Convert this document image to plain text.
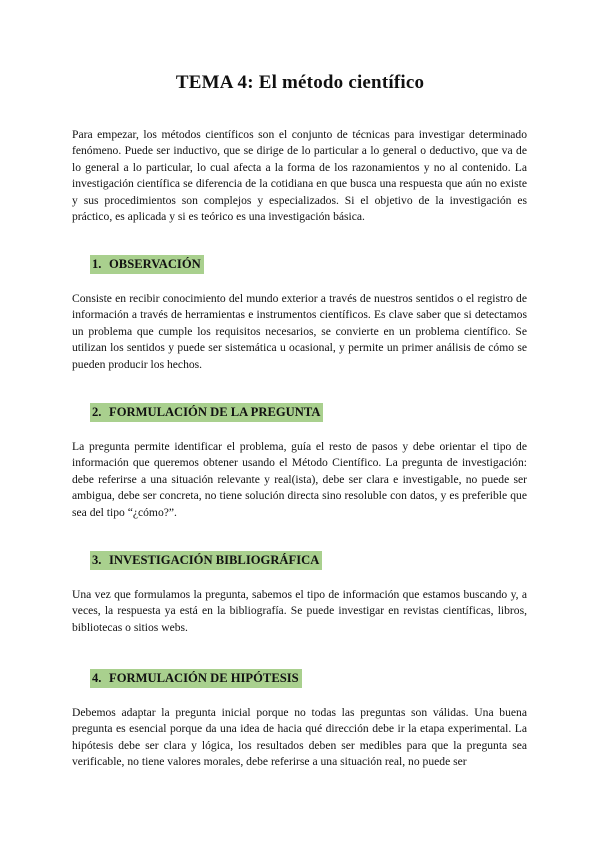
TEMA 4: El método científico

Para empezar, los métodos científicos son el conjunto de técnicas para investigar determinado fenómeno. Puede ser inductivo, que se dirige de lo particular a lo general o deductivo, que va de lo general a lo particular, lo cual afecta a la forma de los razonamientos y no al contenido. La investigación científica se diferencia de la cotidiana en que busca una respuesta que aún no existe y sus procedimientos son complejos y especializados. Si el objetivo de la investigación es práctico, es aplicada y si es teórico es una investigación básica.

1. OBSERVACIÓN

Consiste en recibir conocimiento del mundo exterior a través de nuestros sentidos o el registro de información a través de herramientas e instrumentos científicos. Es clave saber que si detectamos un problema que cumple los requisitos necesarios, se convierte en un problema científico. Se utilizan los sentidos y puede ser sistemática u ocasional, y permite un primer análisis de cómo se pueden producir los hechos.

2. FORMULACIÓN DE LA PREGUNTA

La pregunta permite identificar el problema, guía el resto de pasos y debe orientar el tipo de información que queremos obtener usando el Método Científico. La pregunta de investigación: debe referirse a una situación relevante y real(ista), debe ser clara e investigable, no puede ser ambigua, debe ser concreta, no tiene solución directa sino resoluble con datos, y es preferible que sea del tipo “¿cómo?”.

3. INVESTIGACIÓN BIBLIOGRÁFICA

Una vez que formulamos la pregunta, sabemos el tipo de información que estamos buscando y, a veces, la respuesta ya está en la bibliografía. Se puede investigar en revistas científicas, libros, bibliotecas o sitios webs.

4. FORMULACIÓN DE HIPÓTESIS

Debemos adaptar la pregunta inicial porque no todas las preguntas son válidas. Una buena pregunta es esencial porque da una idea de hacia qué dirección debe ir la etapa experimental. La hipótesis debe ser clara y lógica, los resultados deben ser medibles para que la pregunta sea verificable, no tiene valores morales, debe referirse a una situación real, no puede ser
